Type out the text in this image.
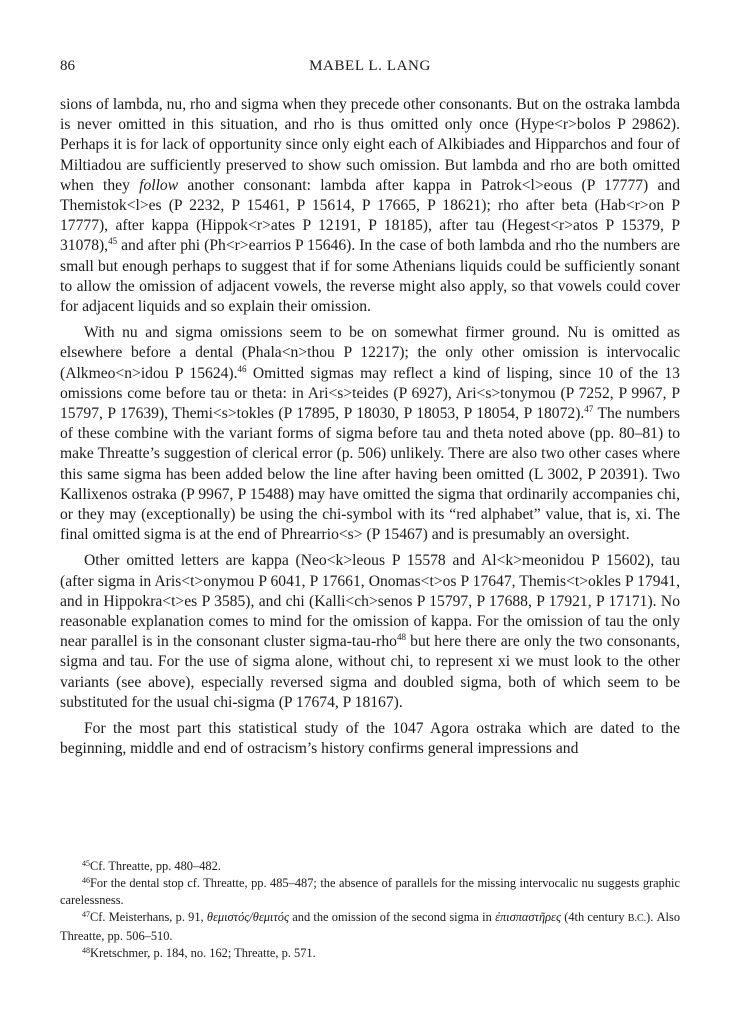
86	MABEL L. LANG

sions of lambda, nu, rho and sigma when they precede other consonants. But on the ostraka lambda is never omitted in this situation, and rho is thus omitted only once (Hype<r>bolos P 29862). Perhaps it is for lack of opportunity since only eight each of Alkibiades and Hipparchos and four of Miltiadou are sufficiently preserved to show such omission. But lambda and rho are both omitted when they follow another consonant: lambda after kappa in Patrok<l>eous (P 17777) and Themistok<l>es (P 2232, P 15461, P 15614, P 17665, P 18621); rho after beta (Hab<r>on P 17777), after kappa (Hippok<r>ates P 12191, P 18185), after tau (Hegest<r>atos P 15379, P 31078),$^{45}$ and after phi (Ph<r>earrios P 15646). In the case of both lambda and rho the numbers are small but enough perhaps to suggest that if for some Athenians liquids could be sufficiently sonant to allow the omission of adjacent vowels, the reverse might also apply, so that vowels could cover for adjacent liquids and so explain their omission.

With nu and sigma omissions seem to be on somewhat firmer ground. Nu is omitted as elsewhere before a dental (Phala<n>thou P 12217); the only other omission is intervocalic (Alkmeo<n>idou P 15624).$^{46}$ Omitted sigmas may reflect a kind of lisping, since 10 of the 13 omissions come before tau or theta: in Ari<s>teides (P 6927), Ari<s>tonymou (P 7252, P 9967, P 15797, P 17639), Themi<s>tokles (P 17895, P 18030, P 18053, P 18054, P 18072).$^{47}$ The numbers of these combine with the variant forms of sigma before tau and theta noted above (pp. 80–81) to make Threatte’s suggestion of clerical error (p. 506) unlikely. There are also two other cases where this same sigma has been added below the line after having been omitted (L 3002, P 20391). Two Kallixenos ostraka (P 9967, P 15488) may have omitted the sigma that ordinarily accompanies chi, or they may (exceptionally) be using the chi-symbol with its “red alphabet” value, that is, xi. The final omitted sigma is at the end of Phrearrio<s> (P 15467) and is presumably an oversight.

Other omitted letters are kappa (Neo<k>leous P 15578 and Al<k>meonidou P 15602), tau (after sigma in Aris<t>onymou P 6041, P 17661, Onomas<t>os P 17647, Themis<t>okles P 17941, and in Hippokra<t>es P 3585), and chi (Kalli<ch>senos P 15797, P 17688, P 17921, P 17171). No reasonable explanation comes to mind for the omission of kappa. For the omission of tau the only near parallel is in the consonant cluster sigma-tau-rho$^{48}$ but here there are only the two consonants, sigma and tau. For the use of sigma alone, without chi, to represent xi we must look to the other variants (see above), especially reversed sigma and doubled sigma, both of which seem to be substituted for the usual chi-sigma (P 17674, P 18167).

For the most part this statistical study of the 1047 Agora ostraka which are dated to the beginning, middle and end of ostracism’s history confirms general impressions and

$^{45}$Cf. Threatte, pp. 480–482.

$^{46}$For the dental stop cf. Threatte, pp. 485–487; the absence of parallels for the missing intervocalic nu suggests graphic carelessness.

$^{47}$Cf. Meisterhans, p. 91, θεμιστός/θεμιτός and the omission of the second sigma in ἐπισπαστῆρες (4th century B.C.). Also Threatte, pp. 506–510.

$^{48}$Kretschmer, p. 184, no. 162; Threatte, p. 571.
